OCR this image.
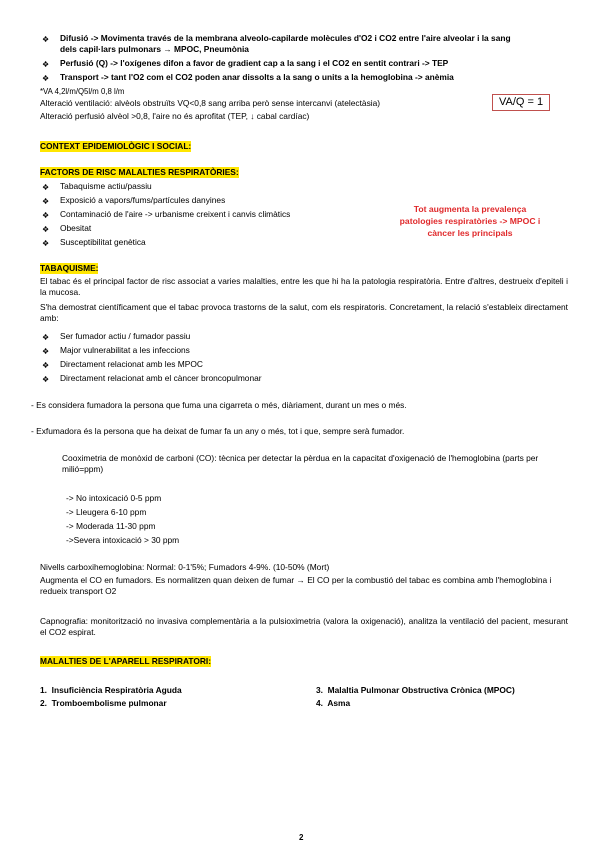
❖ Difusió -> Movimenta través de la membrana alveolo-capilarde molècules d'O2 i CO2 entre l'aire alveolar i la sang
dels capil·lars pulmonars → MPOC, Pneumònia
❖ Perfusió (Q) -> l'oxígenes difon a favor de gradient cap a la sang i el CO2 en sentit contrari -> TEP
❖ Transport -> tant l'O2 com el CO2 poden anar dissolts a la sang o units a la hemoglobina -> anèmia
*VA 4,2l/m/Q5l/m 0,8 l/m
Alteració ventilació: alvèols obstruïts VQ<0,8 sang arriba però sense intercanvi (atelectàsia)	VA/Q = 1
Alteració perfusió alvèol >0,8, l'aire no és aprofitat (TEP, ↓ cabal cardíac)
CONTEXT EPIDEMIOLÒGIC I SOCIAL:
FACTORS DE RISC MALALTIES RESPIRATÒRIES:
❖ Tabaquisme actiu/passiu
❖ Exposició a vapors/fums/partícules danyines
❖ Contaminació de l'aire -> urbanisme creixent i canvis climàtics
❖ Obesitat
❖ Susceptibilitat genètica
Tot augmenta la prevalença
patologies respiratòries -> MPOC i
càncer les principals
TABAQUISME:
El tabac és el principal factor de risc associat a varies malalties, entre les que hi ha la patologia respiratòria. Entre d'altres, destrueix d'epiteli i la mucosa.
S'ha demostrat científicament que el tabac provoca trastorns de la salut, com els respiratoris. Concretament, la relació s'estableix directament amb:
❖ Ser fumador actiu / fumador passiu
❖ Major vulnerabilitat a les infeccions
❖ Directament relacionat amb les MPOC
❖ Directament relacionat amb el càncer broncopulmonar
- Es considera fumadora la persona que fuma una cigarreta o més, diàriament, durant un mes o més.
- Exfumadora és la persona que ha deixat de fumar fa un any o més, tot i que, sempre serà fumador.
Cooximetria de monòxid de carboni (CO): tècnica per detectar la pèrdua en la capacitat d'oxigenació de l'hemoglobina (parts per milió=ppm)
-> No intoxicació 0-5 ppm
-> Lleugera 6-10 ppm
-> Moderada 11-30 ppm
->Severa intoxicació > 30 ppm
Nivells carboxihemoglobina: Normal: 0-1'5%; Fumadors 4-9%. (10-50% (Mort)
Augmenta el CO en fumadors. Es normalitzen quan deixen de fumar → El CO per la combustió del tabac es combina amb l'hemoglobina i redueix transport O2
Capnografia: monitorització no invasiva complementària a la pulsioximetria (valora la oxigenació), analitza la ventilació del pacient, mesurant el CO2 espirat.
MALALTIES DE L'APARELL RESPIRATORI:
1. Insuficiència Respiratòria Aguda
2. Tromboembolisme pulmonar
3. Malaltia Pulmonar Obstructiva Crònica (MPOC)
4. Asma
2
